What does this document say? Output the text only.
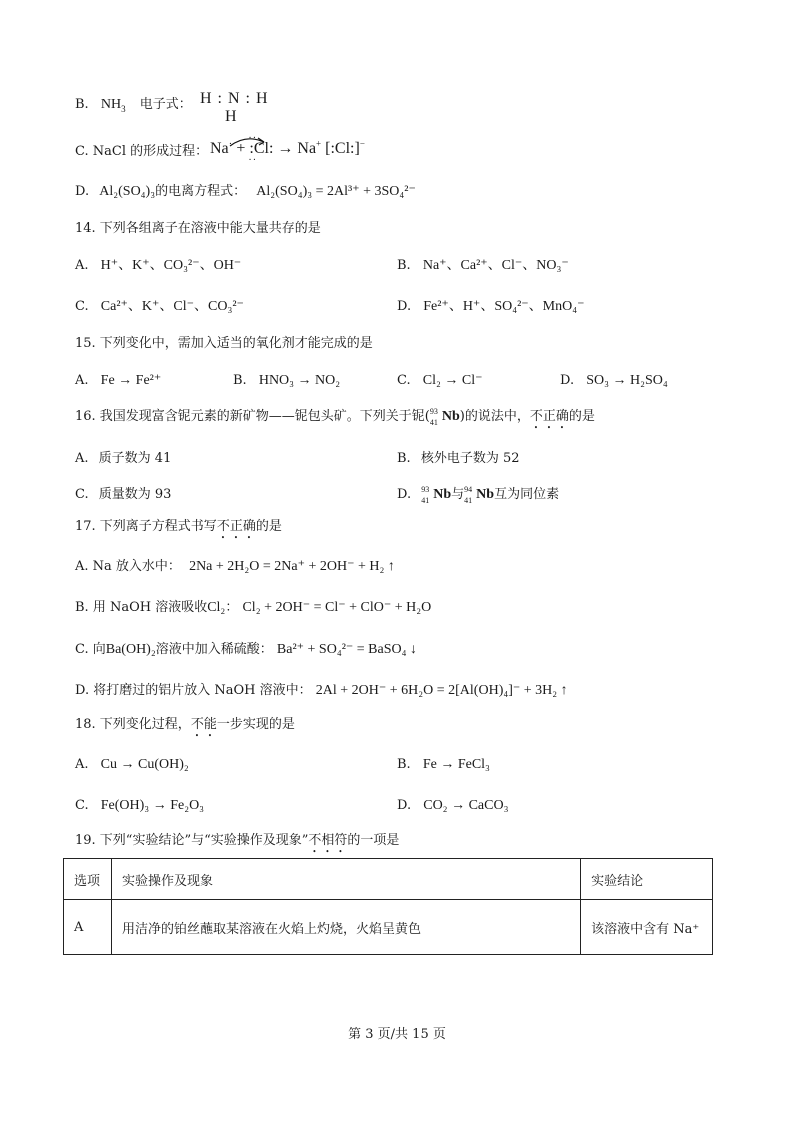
B. $NH_3$ 电子式： H : N : H
H
C. NaCl 的形成过程： Na· +
··
··
:Cl: → Na+ [:Cl:]−
D. Al₂(SO₄)₃的电离方程式： Al₂(SO₄)₃ = 2Al³⁺ + 3SO₄²⁻
14. 下列各组离子在溶液中能大量共存的是
A. H⁺、K⁺、CO₃²⁻、OH⁻	B. Na⁺、Ca²⁺、Cl⁻、NO₃⁻
C. Ca²⁺、K⁺、Cl⁻、CO₃²⁻	D. Fe²⁺、H⁺、SO₄²⁻、MnO₄⁻
15. 下列变化中，需加入适当的氧化剂才能完成的是
A. Fe → Fe²⁺	B. HNO₃ → NO₂	C. Cl₂ → Cl⁻	D. SO₃ → H₂SO₄
16. 我国发现富含铌元素的新矿物——铌包头矿。下列关于铌( 93
41 Nb)的说法中，不正确的是
A. 质子数为 41	B. 核外电子数为 52
C. 质量数为 93	D. 93
41 Nb与 94
41 Nb互为同位素
17. 下列离子方程式书写不正确的是
A. Na 放入水中： 2Na + 2H₂O = 2Na⁺ + 2OH⁻ + H₂ ↑
B. 用 NaOH 溶液吸收Cl₂： Cl₂ + 2OH⁻ = Cl⁻ + ClO⁻ + H₂O
C. 向Ba(OH)₂溶液中加入稀硫酸： Ba²⁺ + SO₄²⁻ = BaSO₄ ↓
D. 将打磨过的铝片放入 NaOH 溶液中： 2Al + 2OH⁻ + 6H₂O = 2[Al(OH)₄]⁻ + 3H₂ ↑
18. 下列变化过程，不能一步实现的是
A. Cu → Cu(OH)₂	B. Fe → FeCl₃
C. Fe(OH)₃ → Fe₂O₃	D. CO₂ → CaCO₃
19. 下列“实验结论”与“实验操作及现象”不相符的一项是
选项	实验操作及现象	实验结论
A	用洁净的铂丝蘸取某溶液在火焰上灼烧，火焰呈黄色	该溶液中含有 Na⁺
第 3 页/共 15 页
